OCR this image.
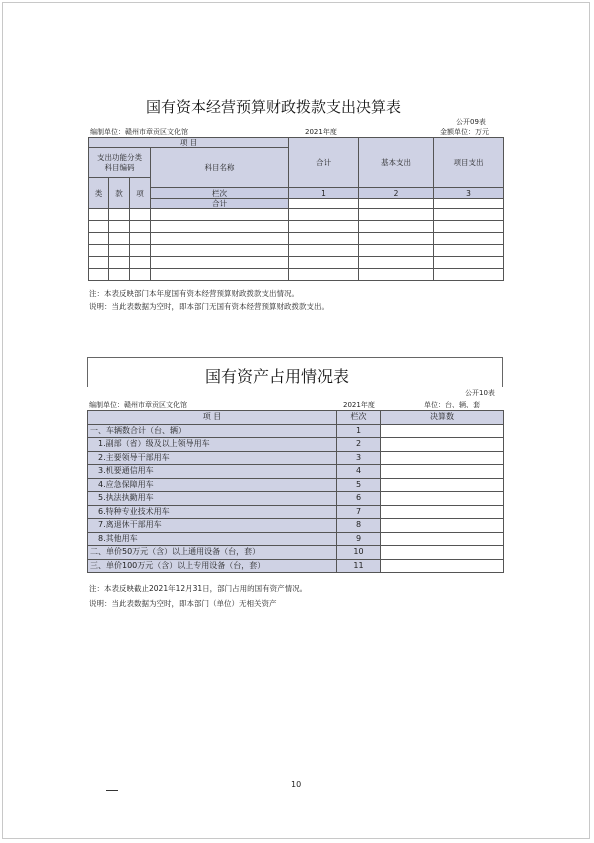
国有资本经营预算财政拨款支出决算表
公开09表
编制单位：赣州市章贡区文化馆	2021年度	金额单位：万元
项 目				合计	基本支出	项目支出

支出功能分类
科目编码			科目名称			
类	款	项				
			栏次	1	2	3
			合计			

注：本表反映部门本年度国有资本经营预算财政拨款支出情况。
说明：当此表数据为空时，即本部门无国有资本经营预算财政拨款支出。
国有资产占用情况表
公开10表
编制单位：赣州市章贡区文化馆	2021年度	单位：台、辆、套
项 目	栏次	决算数
一、车辆数合计（台、辆）	1	
1.副部（省）级及以上领导用车	2	
2.主要领导干部用车	3	
3.机要通信用车	4	
4.应急保障用车	5	
5.执法执勤用车	6	
6.特种专业技术用车	7	
7.离退休干部用车	8	
8.其他用车	9	
二、单价50万元（含）以上通用设备（台，套）	10	
三、单价100万元（含）以上专用设备（台，套）	11	
注：本表反映截止2021年12月31日，部门占用的国有资产情况。
说明：当此表数据为空时，即本部门（单位）无相关资产
10
